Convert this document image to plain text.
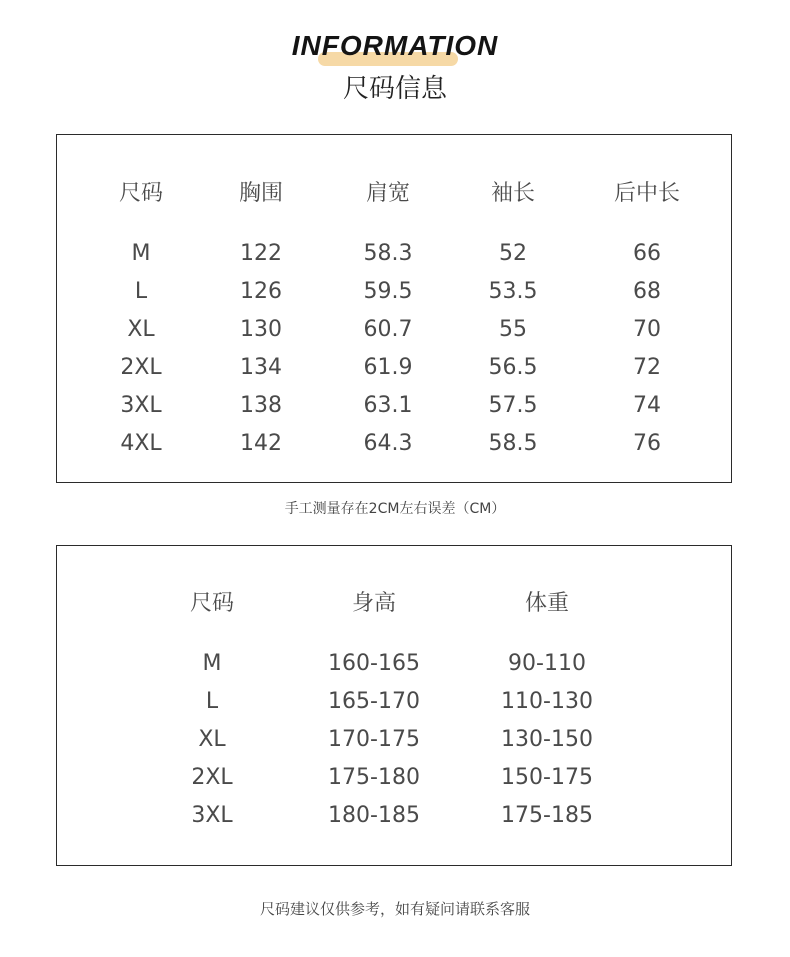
INFORMATION
尺码信息
尺码	胸围	肩宽	袖长	后中长
M	122	58.3	52	66
L	126	59.5	53.5	68
XL	130	60.7	55	70
2XL	134	61.9	56.5	72
3XL	138	63.1	57.5	74
4XL	142	64.3	58.5	76
手工测量存在2CM左右误差（CM）
尺码	身高	体重
M	160-165	90-110
L	165-170	110-130
XL	170-175	130-150
2XL	175-180	150-175
3XL	180-185	175-185
尺码建议仅供参考，如有疑问请联系客服
